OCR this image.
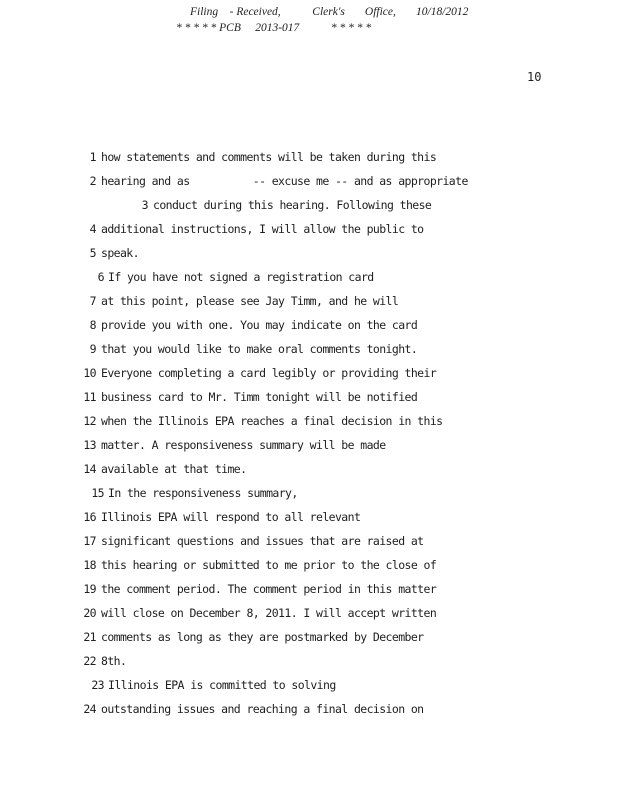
Filing    - Received,           Clerk's       Office,       10/18/2012
* * * * * PCB     2013-017           * * * * *
10
1 how statements and comments will be taken during this
2 hearing and as          -- excuse me -- and as appropriate
3 conduct during this hearing. Following these
4 additional instructions, I will allow the public to
5 speak.
6 If you have not signed a registration card
7 at this point, please see Jay Timm, and he will
8 provide you with one. You may indicate on the card
9 that you would like to make oral comments tonight.
10 Everyone completing a card legibly or providing their
11 business card to Mr. Timm tonight will be notified
12 when the Illinois EPA reaches a final decision in this
13 matter. A responsiveness summary will be made
14 available at that time.
15 In the responsiveness summary,
16 Illinois EPA will respond to all relevant
17 significant questions and issues that are raised at
18 this hearing or submitted to me prior to the close of
19 the comment period. The comment period in this matter
20 will close on December 8, 2011. I will accept written
21 comments as long as they are postmarked by December
22 8th.
23 Illinois EPA is committed to solving
24 outstanding issues and reaching a final decision on
